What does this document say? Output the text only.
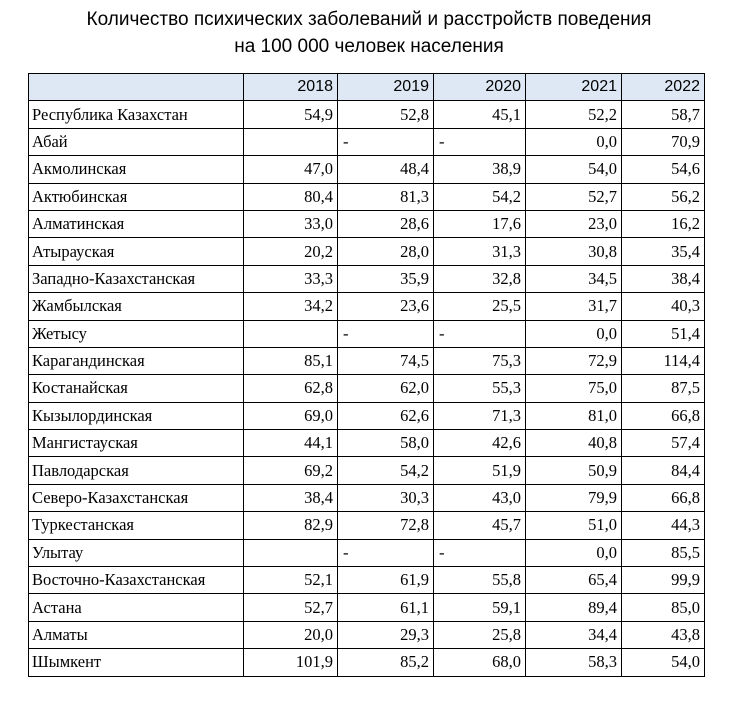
Количество психических заболеваний и расстройств поведения
на 100 000 человек населения
	2018	2019	2020	2021	2022
Республика Казахстан	54,9	52,8	45,1	52,2	58,7
Абай		-	-	0,0	70,9
Акмолинская	47,0	48,4	38,9	54,0	54,6
Актюбинская	80,4	81,3	54,2	52,7	56,2
Алматинская	33,0	28,6	17,6	23,0	16,2
Атырауская	20,2	28,0	31,3	30,8	35,4
Западно-Казахстанская	33,3	35,9	32,8	34,5	38,4
Жамбылская	34,2	23,6	25,5	31,7	40,3
Жетысу		-	-	0,0	51,4
Карагандинская	85,1	74,5	75,3	72,9	114,4
Костанайская	62,8	62,0	55,3	75,0	87,5
Кызылординская	69,0	62,6	71,3	81,0	66,8
Мангистауская	44,1	58,0	42,6	40,8	57,4
Павлодарская	69,2	54,2	51,9	50,9	84,4
Северо-Казахстанская	38,4	30,3	43,0	79,9	66,8
Туркестанская	82,9	72,8	45,7	51,0	44,3
Улытау		-	-	0,0	85,5
Восточно-Казахстанская	52,1	61,9	55,8	65,4	99,9
Астана	52,7	61,1	59,1	89,4	85,0
Алматы	20,0	29,3	25,8	34,4	43,8
Шымкент	101,9	85,2	68,0	58,3	54,0
